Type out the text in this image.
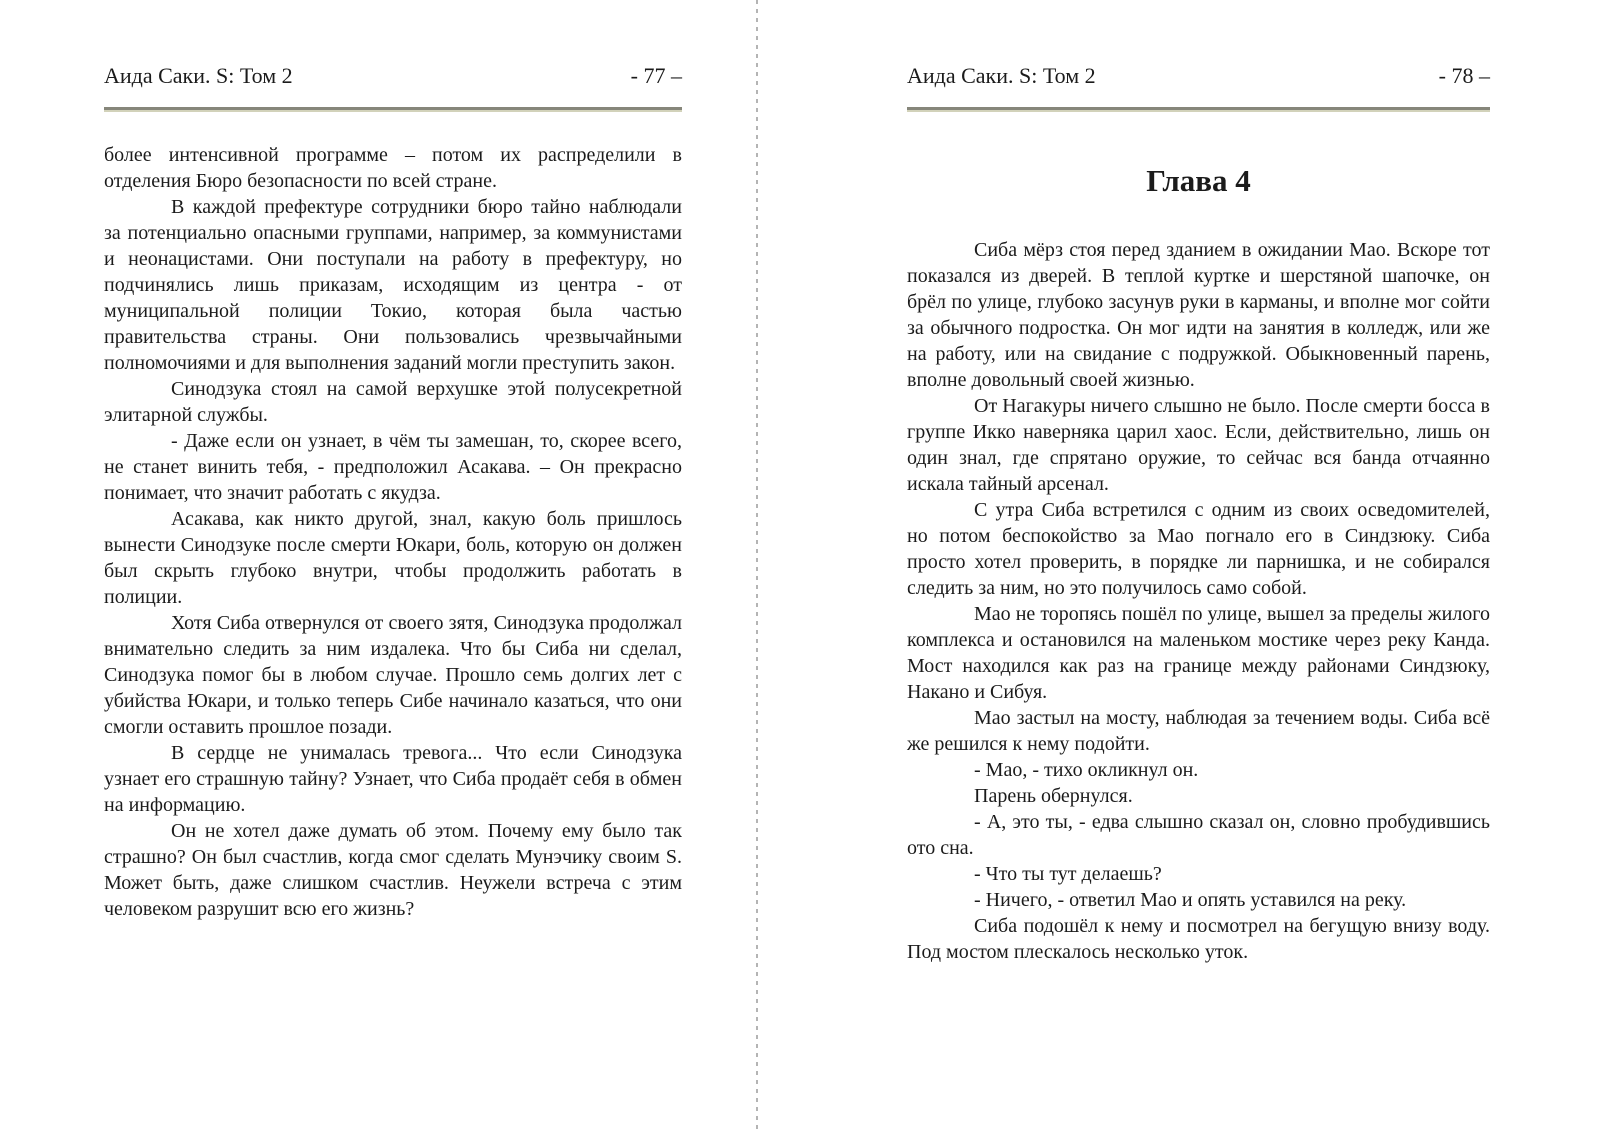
Аида Саки. S: Том 2	- 77 –

более интенсивной программе – потом их распределили в отделения Бюро безопасности по всей стране.

В каждой префектуре сотрудники бюро тайно наблюдали за потенциально опасными группами, например, за коммунистами и неонацистами. Они поступали на работу в префектуру, но подчинялись лишь приказам, исходящим из центра - от муниципальной полиции Токио, которая была частью правительства страны. Они пользовались чрезвычайными полномочиями и для выполнения заданий могли преступить закон.

Синодзука стоял на самой верхушке этой полусекретной элитарной службы.

- Даже если он узнает, в чём ты замешан, то, скорее всего, не станет винить тебя, - предположил Асакава. – Он прекрасно понимает, что значит работать с якудза.

Асакава, как никто другой, знал, какую боль пришлось вынести Синодзуке после смерти Юкари, боль, которую он должен был скрыть глубоко внутри, чтобы продолжить работать в полиции.

Хотя Сиба отвернулся от своего зятя, Синодзука продолжал внимательно следить за ним издалека. Что бы Сиба ни сделал, Синодзука помог бы в любом случае. Прошло семь долгих лет с убийства Юкари, и только теперь Сибе начинало казаться, что они смогли оставить прошлое позади.

В сердце не унималась тревога... Что если Синодзука узнает его страшную тайну? Узнает, что Сиба продаёт себя в обмен на информацию.

Он не хотел даже думать об этом. Почему ему было так страшно? Он был счастлив, когда смог сделать Мунэчику своим S. Может быть, даже слишком счастлив. Неужели встреча с этим человеком разрушит всю его жизнь?

Аида Саки. S: Том 2	- 78 –
Глава 4

Сиба мёрз стоя перед зданием в ожидании Мао. Вскоре тот показался из дверей. В теплой куртке и шерстяной шапочке, он брёл по улице, глубоко засунув руки в карманы, и вполне мог сойти за обычного подростка. Он мог идти на занятия в колледж, или же на работу, или на свидание с подружкой. Обыкновенный парень, вполне довольный своей жизнью.

От Нагакуры ничего слышно не было. После смерти босса в группе Икко наверняка царил хаос. Если, действительно, лишь он один знал, где спрятано оружие, то сейчас вся банда отчаянно искала тайный арсенал.

С утра Сиба встретился с одним из своих осведомителей, но потом беспокойство за Мао погнало его в Синдзюку. Сиба просто хотел проверить, в порядке ли парнишка, и не собирался следить за ним, но это получилось само собой.

Мао не торопясь пошёл по улице, вышел за пределы жилого комплекса и остановился на маленьком мостике через реку Канда. Мост находился как раз на границе между районами Синдзюку, Накано и Сибуя.

Мао застыл на мосту, наблюдая за течением воды. Сиба всё же решился к нему подойти.

- Мао, - тихо окликнул он.

Парень обернулся.

- А, это ты, - едва слышно сказал он, словно пробудившись ото сна.

- Что ты тут делаешь?

- Ничего, - ответил Мао и опять уставился на реку.

Сиба подошёл к нему и посмотрел на бегущую внизу воду. Под мостом плескалось несколько уток.
